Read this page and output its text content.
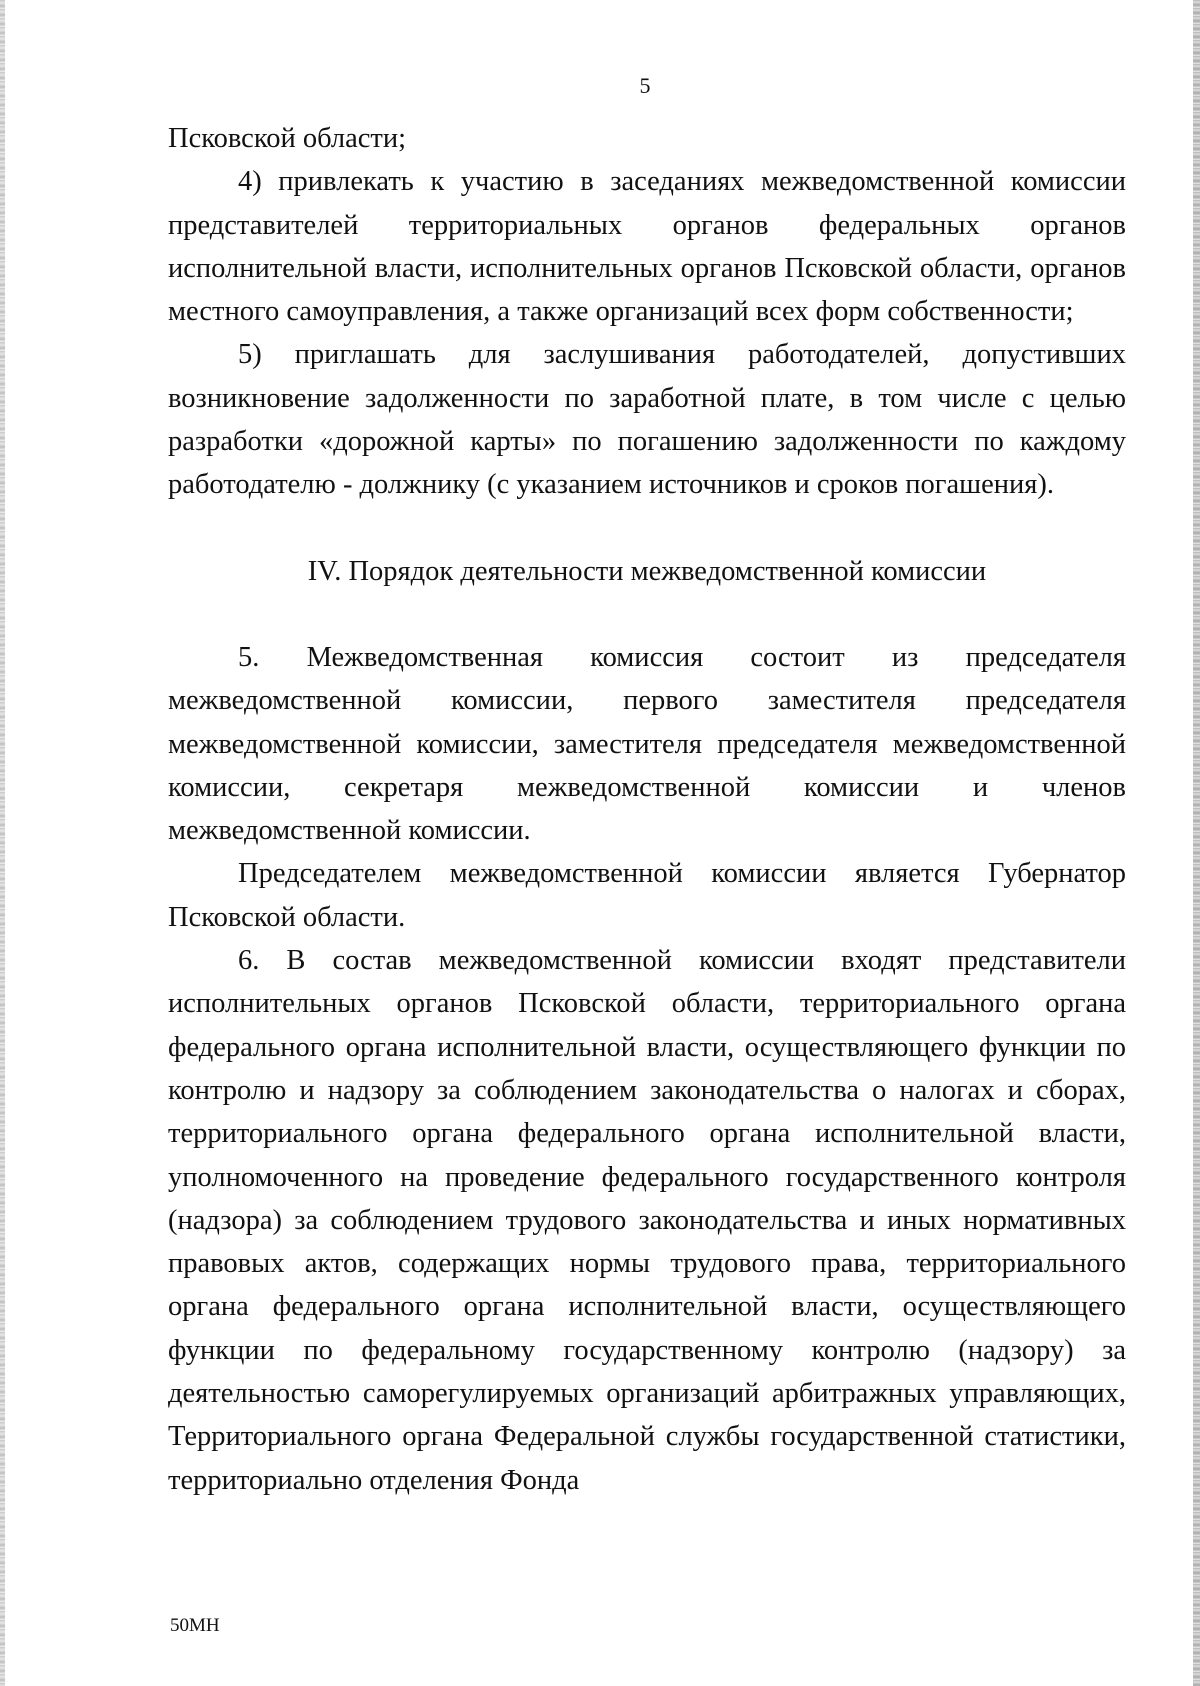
5

Псковской области;

4) привлекать к участию в заседаниях межведомственной комиссии представителей территориальных органов федеральных органов исполнительной власти, исполнительных органов Псковской области, органов местного самоуправления, а также организаций всех форм собственности;

5) приглашать для заслушивания работодателей, допустивших возникновение задолженности по заработной плате, в том числе с целью разработки «дорожной карты» по погашению задолженности по каждому работодателю - должнику (с указанием источников и сроков погашения).

IV. Порядок деятельности межведомственной комиссии

5. Межведомственная комиссия состоит из председателя межведомственной комиссии, первого заместителя председателя межведомственной комиссии, заместителя председателя межведомственной комиссии, секретаря межведомственной комиссии и членов межведомственной комиссии.

Председателем межведомственной комиссии является Губернатор Псковской области.

6. В состав межведомственной комиссии входят представители исполнительных органов Псковской области, территориального органа федерального органа исполнительной власти, осуществляющего функции по контролю и надзору за соблюдением законодательства о налогах и сборах, территориального органа федерального органа исполнительной власти, уполномоченного на проведение федерального государственного контроля (надзора) за соблюдением трудового законодательства и иных нормативных правовых актов, содержащих нормы трудового права, территориального органа федерального органа исполнительной власти, осуществляющего функции по федеральному государственному контролю (надзору) за деятельностью саморегулируемых организаций арбитражных управляющих, Территориального органа Федеральной службы государственной статистики, территориально отделения Фонда

50МН
